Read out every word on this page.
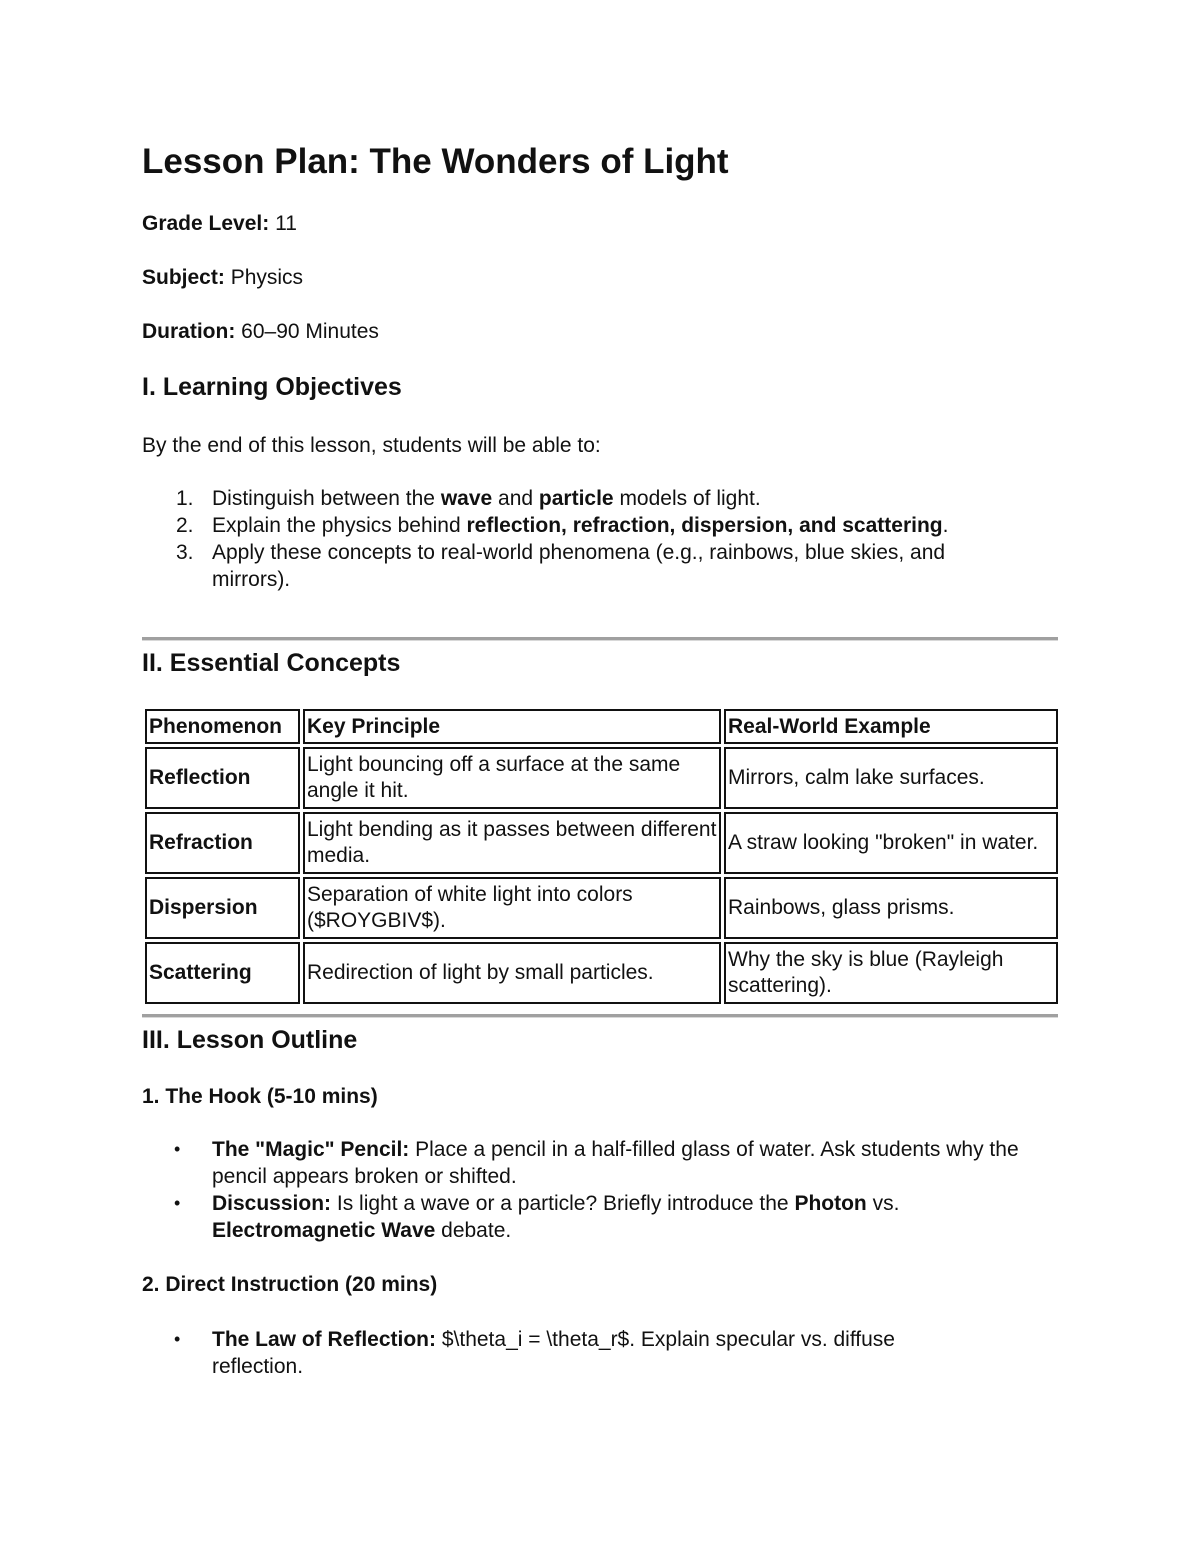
Lesson Plan: The Wonders of Light

Grade Level: 11

Subject: Physics

Duration: 60–90 Minutes

I. Learning Objectives

By the end of this lesson, students will be able to:

1. Distinguish between the wave and particle models of light.
2. Explain the physics behind reflection, refraction, dispersion, and scattering.
3. Apply these concepts to real-world phenomena (e.g., rainbows, blue skies, and mirrors).
II. Essential Concepts
Phenomenon	Key Principle	Real-World Example
Reflection	Light bouncing off a surface at the same angle it hit.	Mirrors, calm lake surfaces.
Refraction	Light bending as it passes between different media.	A straw looking "broken" in water.
Dispersion	Separation of white light into colors ($ROYGBIV$).	Rainbows, glass prisms.
Scattering	Redirection of light by small particles.	Why the sky is blue (Rayleigh scattering).
III. Lesson Outline
1. The Hook (5-10 mins)
• The "Magic" Pencil: Place a pencil in a half-filled glass of water. Ask students why the pencil appears broken or shifted.
• Discussion: Is light a wave or a particle? Briefly introduce the Photon vs. Electromagnetic Wave debate.
2. Direct Instruction (20 mins)
• The Law of Reflection: $\theta_i = \theta_r$. Explain specular vs. diffuse reflection.
